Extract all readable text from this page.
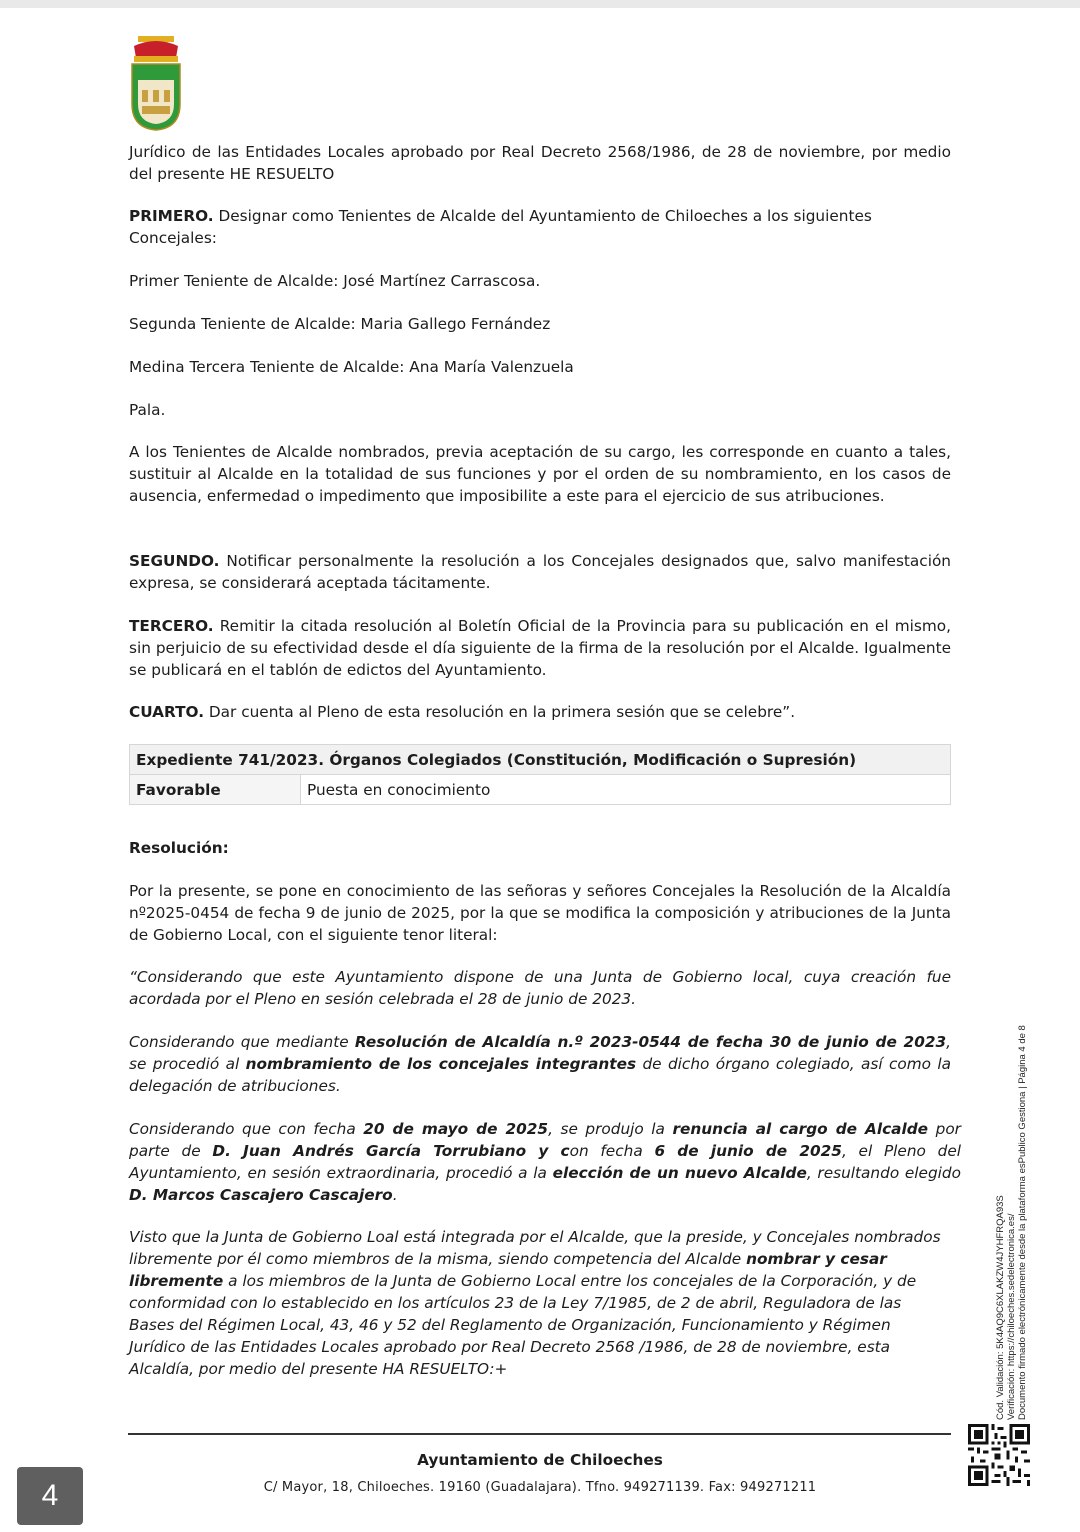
Jurídico de las Entidades Locales aprobado por Real Decreto 2568/1986, de 28 de noviembre, por medio del presente HE RESUELTO
PRIMERO. Designar como Tenientes de Alcalde del Ayuntamiento de Chiloeches a los siguientes Concejales:
Primer Teniente de Alcalde: José Martínez Carrascosa.
Segunda Teniente de Alcalde: Maria Gallego Fernández
Medina Tercera Teniente de Alcalde: Ana María Valenzuela
Pala.
A los Tenientes de Alcalde nombrados, previa aceptación de su cargo, les corresponde en cuanto a tales, sustituir al Alcalde en la totalidad de sus funciones y por el orden de su nombramiento, en los casos de ausencia, enfermedad o impedimento que imposibilite a este para el ejercicio de sus atribuciones.
SEGUNDO. Notificar personalmente la resolución a los Concejales designados que, salvo manifestación expresa, se considerará aceptada tácitamente.
TERCERO. Remitir la citada resolución al Boletín Oficial de la Provincia para su publicación en el mismo, sin perjuicio de su efectividad desde el día siguiente de la firma de la resolución por el Alcalde. Igualmente se publicará en el tablón de edictos del Ayuntamiento.
CUARTO. Dar cuenta al Pleno de esta resolución en la primera sesión que se celebre”.
Expediente 741/2023. Órganos Colegiados (Constitución, Modificación o Supresión)
Favorable	Puesta en conocimiento
Resolución:
Por la presente, se pone en conocimiento de las señoras y señores Concejales la Resolución de la Alcaldía nº2025-0454 de fecha 9 de junio de 2025, por la que se modifica la composición y atribuciones de la Junta de Gobierno Local, con el siguiente tenor literal:
“Considerando que este Ayuntamiento dispone de una Junta de Gobierno local, cuya creación fue acordada por el Pleno en sesión celebrada el 28 de junio de 2023.
Considerando que mediante Resolución de Alcaldía n.º 2023-0544 de fecha 30 de junio de 2023, se procedió al nombramiento de los concejales integrantes de dicho órgano colegiado, así como la delegación de atribuciones.
Considerando que con fecha 20 de mayo de 2025, se produjo la renuncia al cargo de Alcalde por parte de D. Juan Andrés García Torrubiano y con fecha 6 de junio de 2025, el Pleno del Ayuntamiento, en sesión extraordinaria, procedió a la elección de un nuevo Alcalde, resultando elegido D. Marcos Cascajero Cascajero.
Visto que la Junta de Gobierno Loal está integrada por el Alcalde, que la preside, y Concejales nombrados libremente por él como miembros de la misma, siendo competencia del Alcalde nombrar y cesar libremente a los miembros de la Junta de Gobierno Local entre los concejales de la Corporación, y de conformidad con lo establecido en los artículos 23 de la Ley 7/1985, de 2 de abril, Reguladora de las Bases del Régimen Local, 43, 46 y 52 del Reglamento de Organización, Funcionamiento y Régimen Jurídico de las Entidades Locales aprobado por Real Decreto 2568 /1986, de 28 de noviembre, esta Alcaldía, por medio del presente HA RESUELTO:+	Cód. Validación: 5K4AQ9C6XLAKZW4JYHFRQA93S Verificación: https://chiloeches.sedelectronica.es/ Documento firmado electrónicamente desde la plataforma esPublico Gestiona | Página 4 de 8
Ayuntamiento de Chiloeches
C/ Mayor, 18, Chiloeches. 19160 (Guadalajara). Tfno. 949271139. Fax: 949271211
4
